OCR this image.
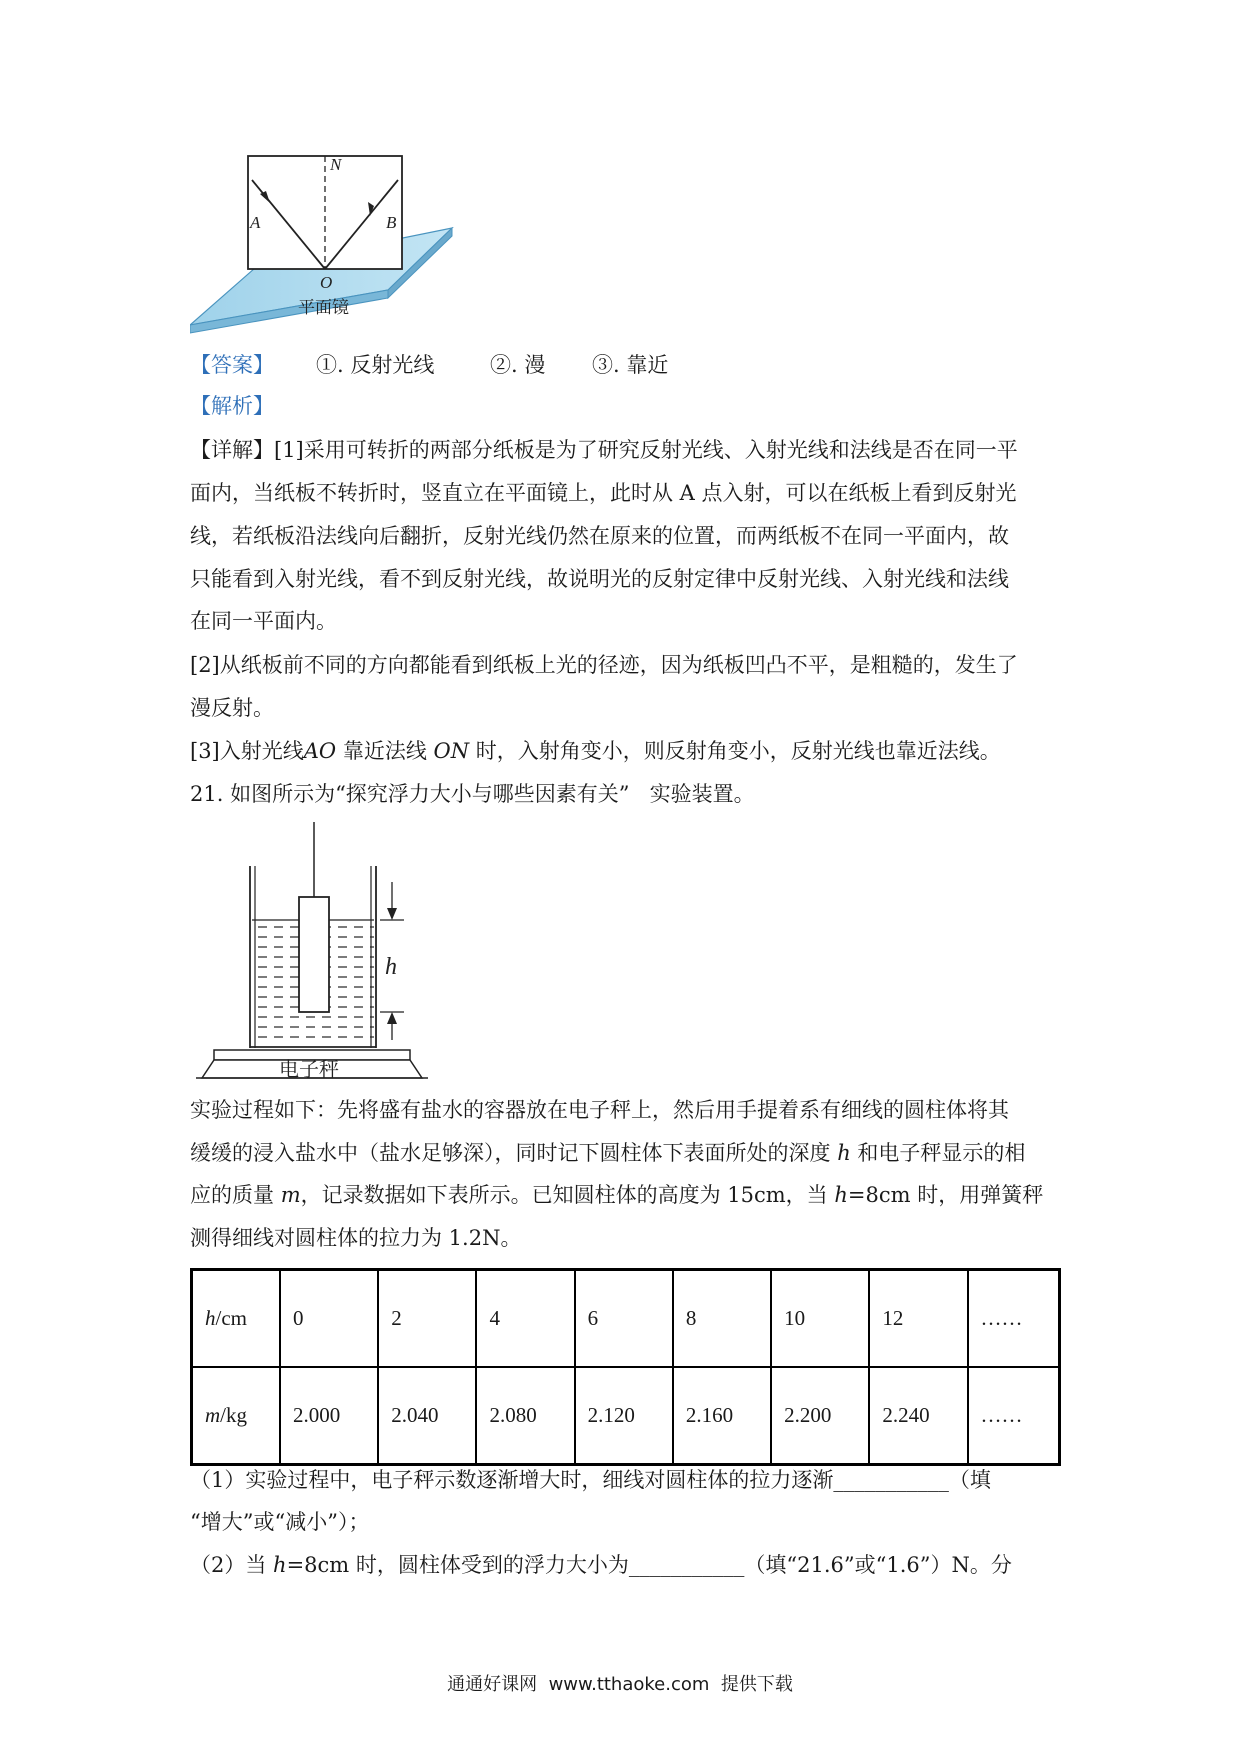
N
A	B
O
平面镜
【答案】 ①. 反射光线	②. 漫 ③. 靠近
【解析】
【详解】[1]采用可转折的两部分纸板是为了研究反射光线、入射光线和法线是否在同一平
面内，当纸板不转折时，竖直立在平面镜上，此时从 A 点入射，可以在纸板上看到反射光
线，若纸板沿法线向后翻折，反射光线仍然在原来的位置，而两纸板不在同一平面内，故
只能看到入射光线，看不到反射光线，故说明光的反射定律中反射光线、入射光线和法线
在同一平面内。
[2]从纸板前不同的方向都能看到纸板上光的径迹，因为纸板凹凸不平，是粗糙的，发生了
漫反射。
[3]入射光线AO 靠近法线 ON 时，入射角变小，则反射角变小，反射光线也靠近法线。
21. 如图所示为“探究浮力大小与哪些因素有关”   实验装置。
h
电子秤
实验过程如下：先将盛有盐水的容器放在电子秤上，然后用手提着系有细线的圆柱体将其
缓缓的浸入盐水中（盐水足够深），同时记下圆柱体下表面所处的深度 h 和电子秤显示的相
应的质量 m，记录数据如下表所示。已知圆柱体的高度为 15cm，当 h=8cm 时，用弹簧秤
测得细线对圆柱体的拉力为 1.2N。
h/cm	0	2	4	6	8	10	12	……
m/kg	2.000	2.040	2.080	2.120	2.160	2.200	2.240	……
（1）实验过程中，电子秤示数逐渐增大时，细线对圆柱体的拉力逐渐___________（填
“增大”或“减小”）；
（2）当 h=8cm 时，圆柱体受到的浮力大小为___________（填“21.6”或“1.6”）N。分
通通好课网  www.tthaoke.com  提供下载
